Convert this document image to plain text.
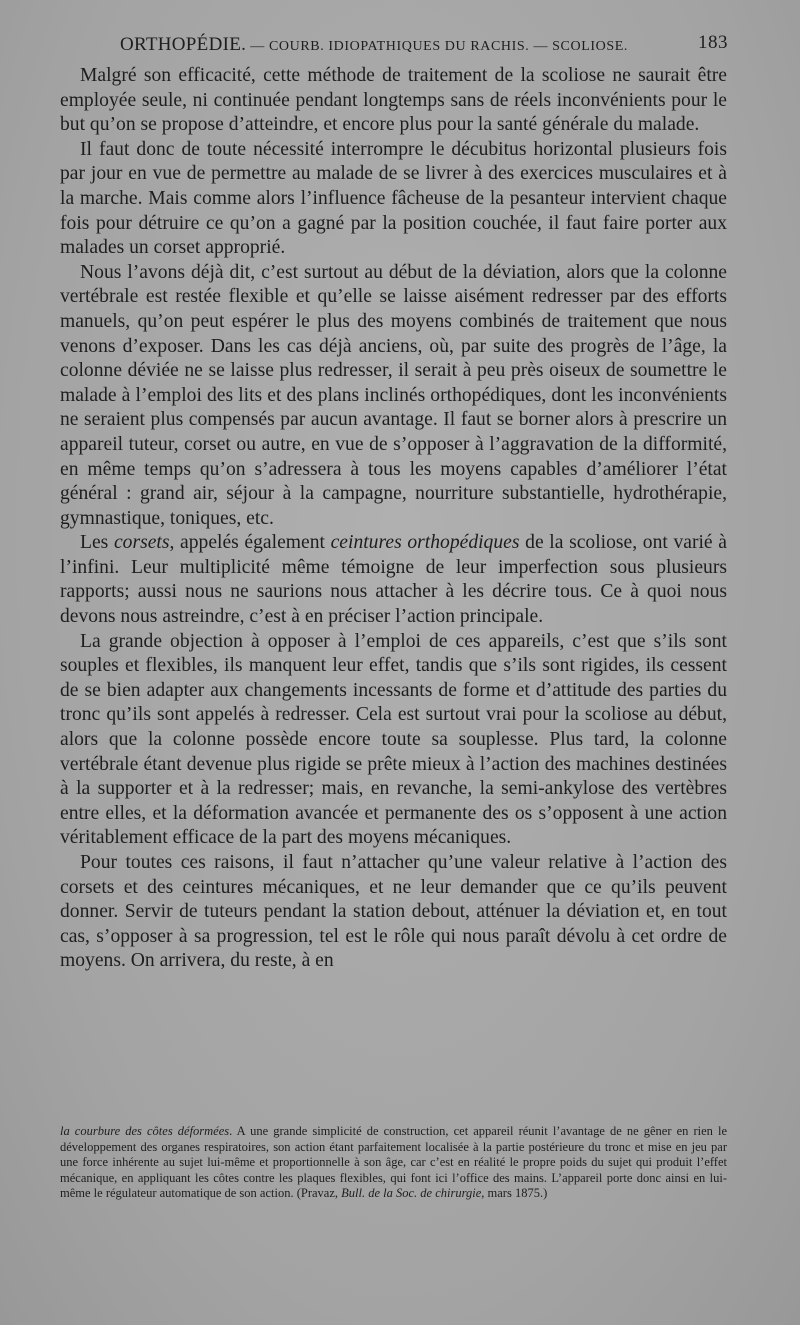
ORTHOPÉDIE. — COURB. IDIOPATHIQUES DU RACHIS. — SCOLIOSE.	183

Malgré son efficacité, cette méthode de traitement de la scoliose ne saurait être employée seule, ni continuée pendant longtemps sans de réels inconvénients pour le but qu’on se propose d’atteindre, et encore plus pour la santé générale du malade.

Il faut donc de toute nécessité interrompre le décubitus horizontal plusieurs fois par jour en vue de permettre au malade de se livrer à des exercices musculaires et à la marche. Mais comme alors l’influence fâcheuse de la pesanteur intervient chaque fois pour détruire ce qu’on a gagné par la position couchée, il faut faire porter aux malades un corset approprié.

Nous l’avons déjà dit, c’est surtout au début de la déviation, alors que la colonne vertébrale est restée flexible et qu’elle se laisse aisément redresser par des efforts manuels, qu’on peut espérer le plus des moyens combinés de traitement que nous venons d’exposer. Dans les cas déjà anciens, où, par suite des progrès de l’âge, la colonne déviée ne se laisse plus redresser, il serait à peu près oiseux de soumettre le malade à l’emploi des lits et des plans inclinés orthopédiques, dont les inconvénients ne seraient plus compensés par aucun avantage. Il faut se borner alors à prescrire un appareil tuteur, corset ou autre, en vue de s’opposer à l’aggravation de la difformité, en même temps qu’on s’adressera à tous les moyens capables d’améliorer l’état général : grand air, séjour à la campagne, nourriture substantielle, hydrothérapie, gymnastique, toniques, etc.

Les corsets, appelés également ceintures orthopédiques de la scoliose, ont varié à l’infini. Leur multiplicité même témoigne de leur imperfection sous plusieurs rapports; aussi nous ne saurions nous attacher à les décrire tous. Ce à quoi nous devons nous astreindre, c’est à en préciser l’action principale.

La grande objection à opposer à l’emploi de ces appareils, c’est que s’ils sont souples et flexibles, ils manquent leur effet, tandis que s’ils sont rigides, ils cessent de se bien adapter aux changements incessants de forme et d’attitude des parties du tronc qu’ils sont appelés à redresser. Cela est surtout vrai pour la scoliose au début, alors que la colonne possède encore toute sa souplesse. Plus tard, la colonne vertébrale étant devenue plus rigide se prête mieux à l’action des machines destinées à la supporter et à la redresser; mais, en revanche, la semi-ankylose des vertèbres entre elles, et la déformation avancée et permanente des os s’opposent à une action véritablement efficace de la part des moyens mécaniques.

Pour toutes ces raisons, il faut n’attacher qu’une valeur relative à l’action des corsets et des ceintures mécaniques, et ne leur demander que ce qu’ils peuvent donner. Servir de tuteurs pendant la station debout, atténuer la déviation et, en tout cas, s’opposer à sa progression, tel est le rôle qui nous paraît dévolu à cet ordre de moyens. On arrivera, du reste, à en

la courbure des côtes déformées. A une grande simplicité de construction, cet appareil réunit l’avantage de ne gêner en rien le développement des organes respiratoires, son action étant parfaitement localisée à la partie postérieure du tronc et mise en jeu par une force inhérente au sujet lui-même et proportionnelle à son âge, car c’est en réalité le propre poids du sujet qui produit l’effet mécanique, en appliquant les côtes contre les plaques flexibles, qui font ici l’office des mains. L’appareil porte donc ainsi en lui-même le régulateur automatique de son action. (Pravaz, Bull. de la Soc. de chirurgie, mars 1875.)
